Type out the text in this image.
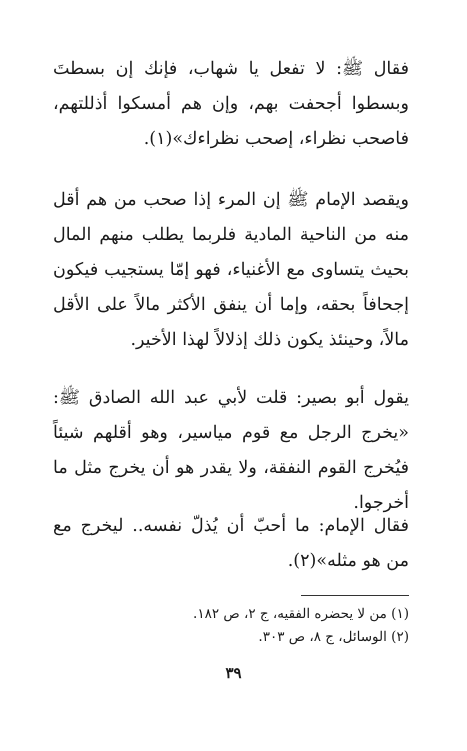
فقال ﷺ: لا تفعل يا شهاب، فإنك إن بسطتَ وبسطوا أجحفت بهم، وإن هم أمسكوا أذللتهم، فاصحب نظراء، إصحب نظراءك»(١).

ويقصد الإمام ﷺ إن المرء إذا صحب من هم أقل منه من الناحية المادية فلربما يطلب منهم المال بحيث يتساوى مع الأغنياء، فهو إمّا يستجيب فيكون إجحافاً بحقه، وإما أن ينفق الأكثر مالاً على الأقل مالاً، وحينئذ يكون ذلك إذلالاً لهذا الأخير.

يقول أبو بصير: قلت لأبي عبد الله الصادق ﷺ: «يخرج الرجل مع قوم مياسير، وهو أقلهم شيئاً فيُخرج القوم النفقة، ولا يقدر هو أن يخرج مثل ما أخرجوا.

فقال الإمام: ما أحبّ أن يُذلّ نفسه.. ليخرج مع من هو مثله»(٢).

(١) من لا يحضره الفقيه، ج ٢، ص ١٨٢.

(٢) الوسائل، ج ٨، ص ٣٠٣.

٣٩
